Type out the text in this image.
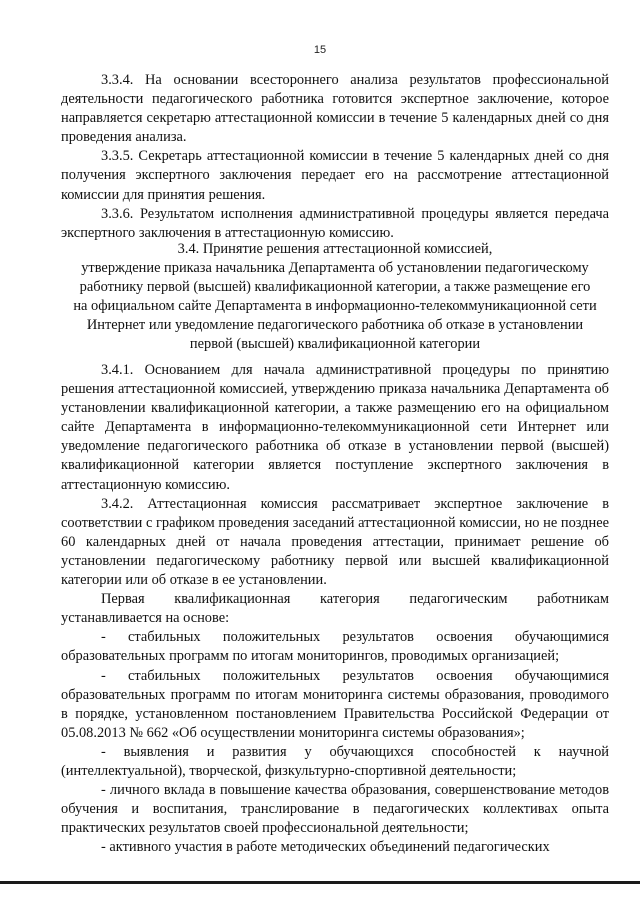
15

3.3.4. На основании всестороннего анализа результатов профессиональной деятельности педагогического работника готовится экспертное заключение, которое направляется секретарю аттестационной комиссии в течение 5 календарных дней со дня проведения анализа.

3.3.5. Секретарь аттестационной комиссии в течение 5 календарных дней со дня получения экспертного заключения передает его на рассмотрение аттестационной комиссии для принятия решения.

3.3.6. Результатом исполнения административной процедуры является передача экспертного заключения в аттестационную комиссию.

3.4. Принятие решения аттестационной комиссией,
утверждение приказа начальника Департамента об установлении педагогическому
работнику первой (высшей) квалификационной категории, а также размещение его
на официальном сайте Департамента в информационно-телекоммуникационной сети
Интернет или уведомление педагогического работника об отказе в установлении
первой (высшей) квалификационной категории

3.4.1. Основанием для начала административной процедуры по принятию решения аттестационной комиссией, утверждению приказа начальника Департамента об установлении квалификационной категории, а также размещению его на официальном сайте Департамента в информационно-телекоммуникационной сети Интернет или уведомление педагогического работника об отказе в установлении первой (высшей) квалификационной категории является поступление экспертного заключения в аттестационную комиссию.

3.4.2. Аттестационная комиссия рассматривает экспертное заключение в соответствии с графиком проведения заседаний аттестационной комиссии, но не позднее 60 календарных дней от начала проведения аттестации, принимает решение об установлении педагогическому работнику первой или высшей квалификационной категории или об отказе в ее установлении.

Первая квалификационная категория педагогическим работникам устанавливается на основе:

- стабильных положительных результатов освоения обучающимися образовательных программ по итогам мониторингов, проводимых организацией;

- стабильных положительных результатов освоения обучающимися образовательных программ по итогам мониторинга системы образования, проводимого в порядке, установленном постановлением Правительства Российской Федерации от 05.08.2013 № 662 «Об осуществлении мониторинга системы образования»;

- выявления и развития у обучающихся способностей к научной (интеллектуальной), творческой, физкультурно-спортивной деятельности;

- личного вклада в повышение качества образования, совершенствование методов обучения и воспитания, транслирование в педагогических коллективах опыта практических результатов своей профессиональной деятельности;

- активного участия в работе методических объединений педагогических
